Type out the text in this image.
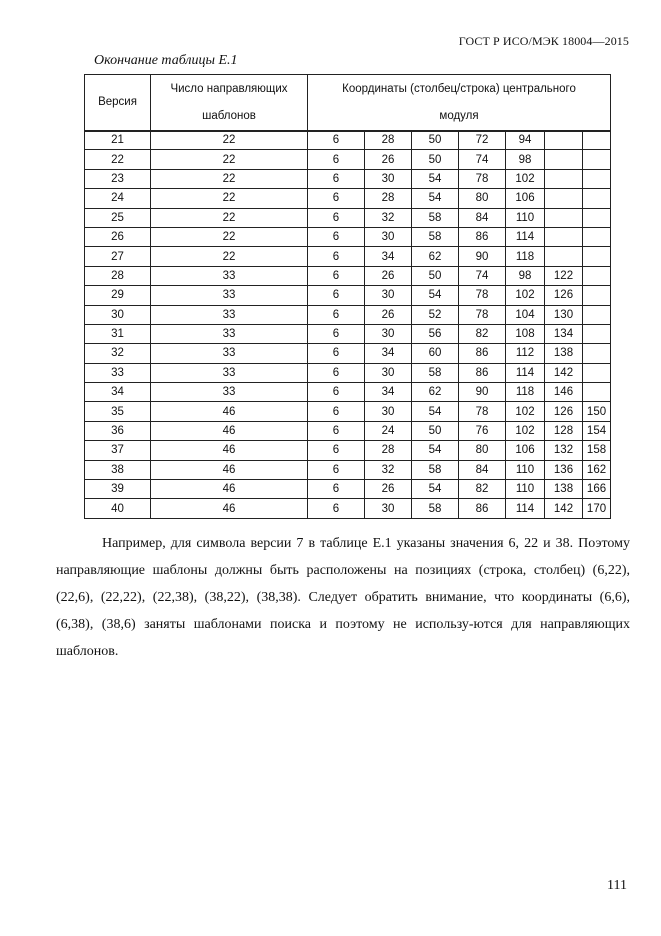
ГОСТ Р ИСО/МЭК 18004—2015
Окончание таблицы Е.1
Версия	Число направляющих	Координаты (столбец/строка) центрального						
	шаблонов	модуля						
21	22	6	28	50	72	94		
22	22	6	26	50	74	98		
23	22	6	30	54	78	102		
24	22	6	28	54	80	106		
25	22	6	32	58	84	110		
26	22	6	30	58	86	114		
27	22	6	34	62	90	118		
28	33	6	26	50	74	98	122	
29	33	6	30	54	78	102	126	
30	33	6	26	52	78	104	130	
31	33	6	30	56	82	108	134	
32	33	6	34	60	86	112	138	
33	33	6	30	58	86	114	142	
34	33	6	34	62	90	118	146	
35	46	6	30	54	78	102	126	150
36	46	6	24	50	76	102	128	154
37	46	6	28	54	80	106	132	158
38	46	6	32	58	84	110	136	162
39	46	6	26	54	82	110	138	166
40	46	6	30	58	86	114	142	170
Например, для символа версии 7 в таблице Е.1 указаны значения 6, 22 и 38. Поэтому направляющие шаблоны должны быть расположены на позициях (строка, столбец) (6,22), (22,6), (22,22), (22,38), (38,22), (38,38). Следует обратить внимание, что координаты (6,6), (6,38), (38,6) заняты шаблонами поиска и поэтому не использу-ются для направляющих шаблонов.
111
